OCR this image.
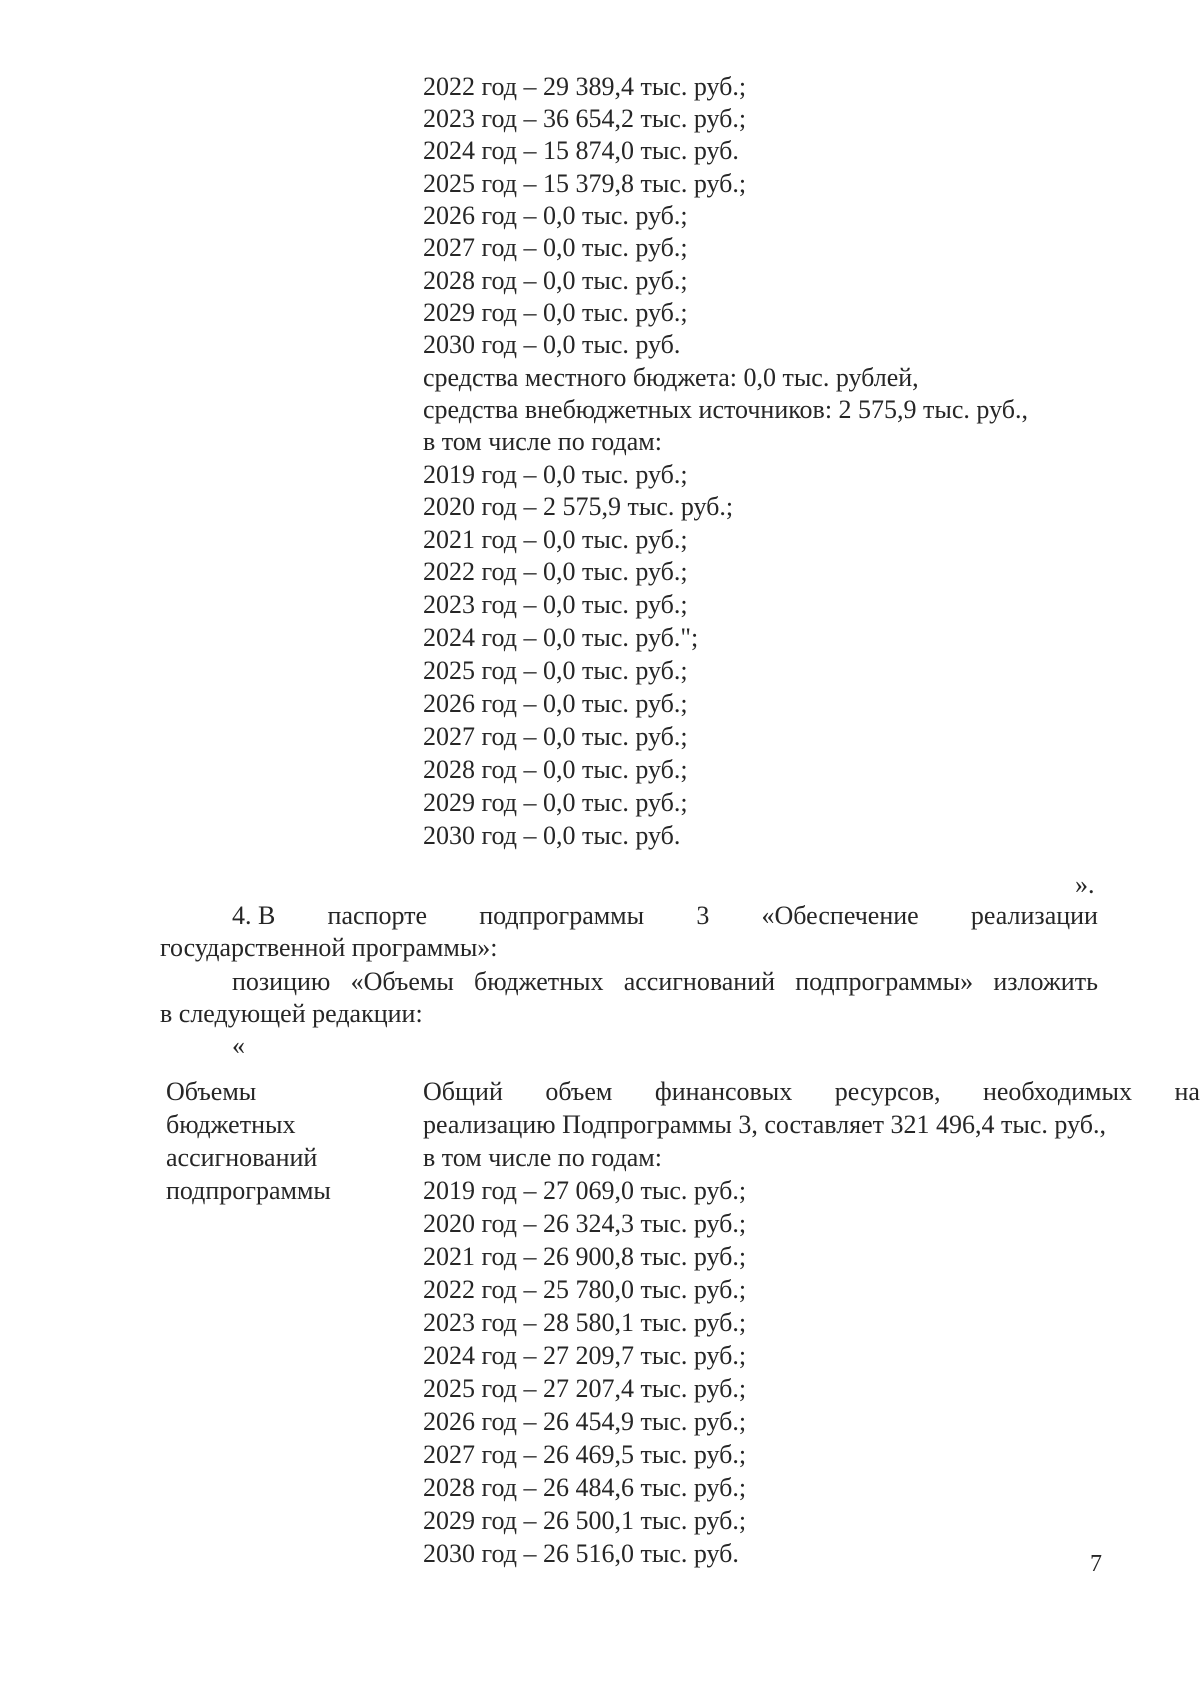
2022 год – 29 389,4 тыс. руб.;
2023 год – 36 654,2 тыс. руб.;
2024 год – 15 874,0 тыс. руб.
2025 год – 15 379,8 тыс. руб.;
2026 год – 0,0 тыс. руб.;
2027 год – 0,0 тыс. руб.;
2028 год – 0,0 тыс. руб.;
2029 год – 0,0 тыс. руб.;
2030 год – 0,0 тыс. руб.
средства местного бюджета: 0,0 тыс. рублей,
средства внебюджетных источников: 2 575,9 тыс. руб.,
в том числе по годам:
2019 год – 0,0 тыс. руб.;
2020 год – 2 575,9 тыс. руб.;
2021 год – 0,0 тыс. руб.;
2022 год – 0,0 тыс. руб.;
2023 год – 0,0 тыс. руб.;
2024 год – 0,0 тыс. руб.";
2025 год – 0,0 тыс. руб.;
2026 год – 0,0 тыс. руб.;
2027 год – 0,0 тыс. руб.;
2028 год – 0,0 тыс. руб.;
2029 год – 0,0 тыс. руб.;
2030 год – 0,0 тыс. руб.
».
4. В паспорте подпрограммы 3 «Обеспечение реализации
государственной программы»:
позицию «Объемы бюджетных ассигнований подпрограммы» изложить
в следующей редакции:
«
Объемы
бюджетных
ассигнований
подпрограммы
Общий объем финансовых ресурсов, необходимых на
реализацию Подпрограммы 3, составляет 321 496,4 тыс. руб.,
в том числе по годам:
2019 год – 27 069,0 тыс. руб.;
2020 год – 26 324,3 тыс. руб.;
2021 год – 26 900,8 тыс. руб.;
2022 год – 25 780,0 тыс. руб.;
2023 год – 28 580,1 тыс. руб.;
2024 год – 27 209,7 тыс. руб.;
2025 год – 27 207,4 тыс. руб.;
2026 год – 26 454,9 тыс. руб.;
2027 год – 26 469,5 тыс. руб.;
2028 год – 26 484,6 тыс. руб.;
2029 год – 26 500,1 тыс. руб.;
2030 год – 26 516,0 тыс. руб.	7
